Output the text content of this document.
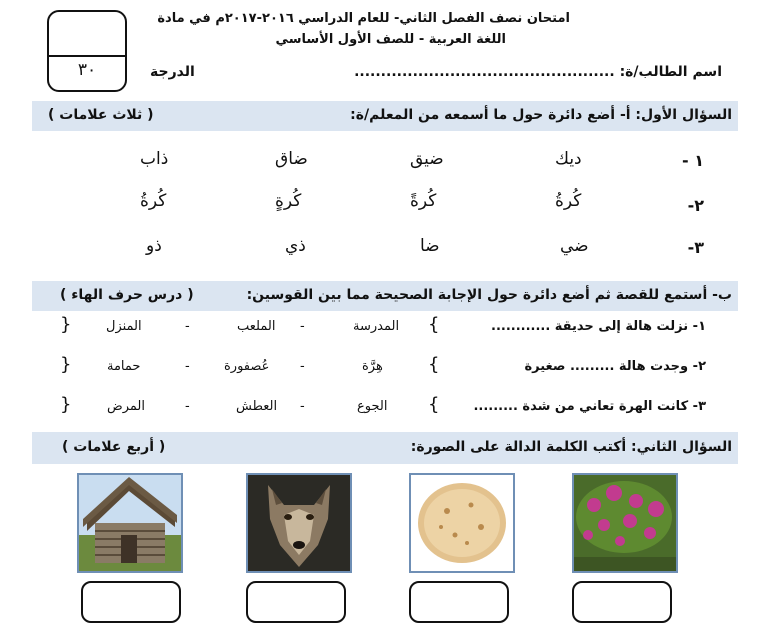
٣٠
امتحان نصف الفصل الثاني- للعام الدراسي ٢٠١٦-٢٠١٧م في مادة
اللغة العربية - للصف الأول الأساسي
اسم الطالب/ة: .................................................
الدرجة
السؤال الأول: أ- أضع دائرة حول ما أسمعه من المعلم/ة:
( ثلاث علامات )
١ -
ديك
ضيق
ضاق
ذاب
٢-
كُرةُ
كُرةً
كُرةٍ
كُرةُ
٣-
ضي
ضا
ذي
ذو
ب- أستمع للقصة ثم أضع دائرة حول الإجابة الصحيحة مما بين القوسين:
( درس حرف الهاء )
١- نزلت هالة إلى حديقة ............
{
المدرسة
-
الملعب
-
المنزل
}
٢- وجدت هالة ......... صغيرة
{
هِرَّة
-
عُصفورة
-
حمامة
}
٣- كانت الهرة تعاني من شدة .........
{
الجوع
-
العطش
-
المرض
}
السؤال الثاني: أكتب الكلمة الدالة على الصورة:
( أربع علامات )
